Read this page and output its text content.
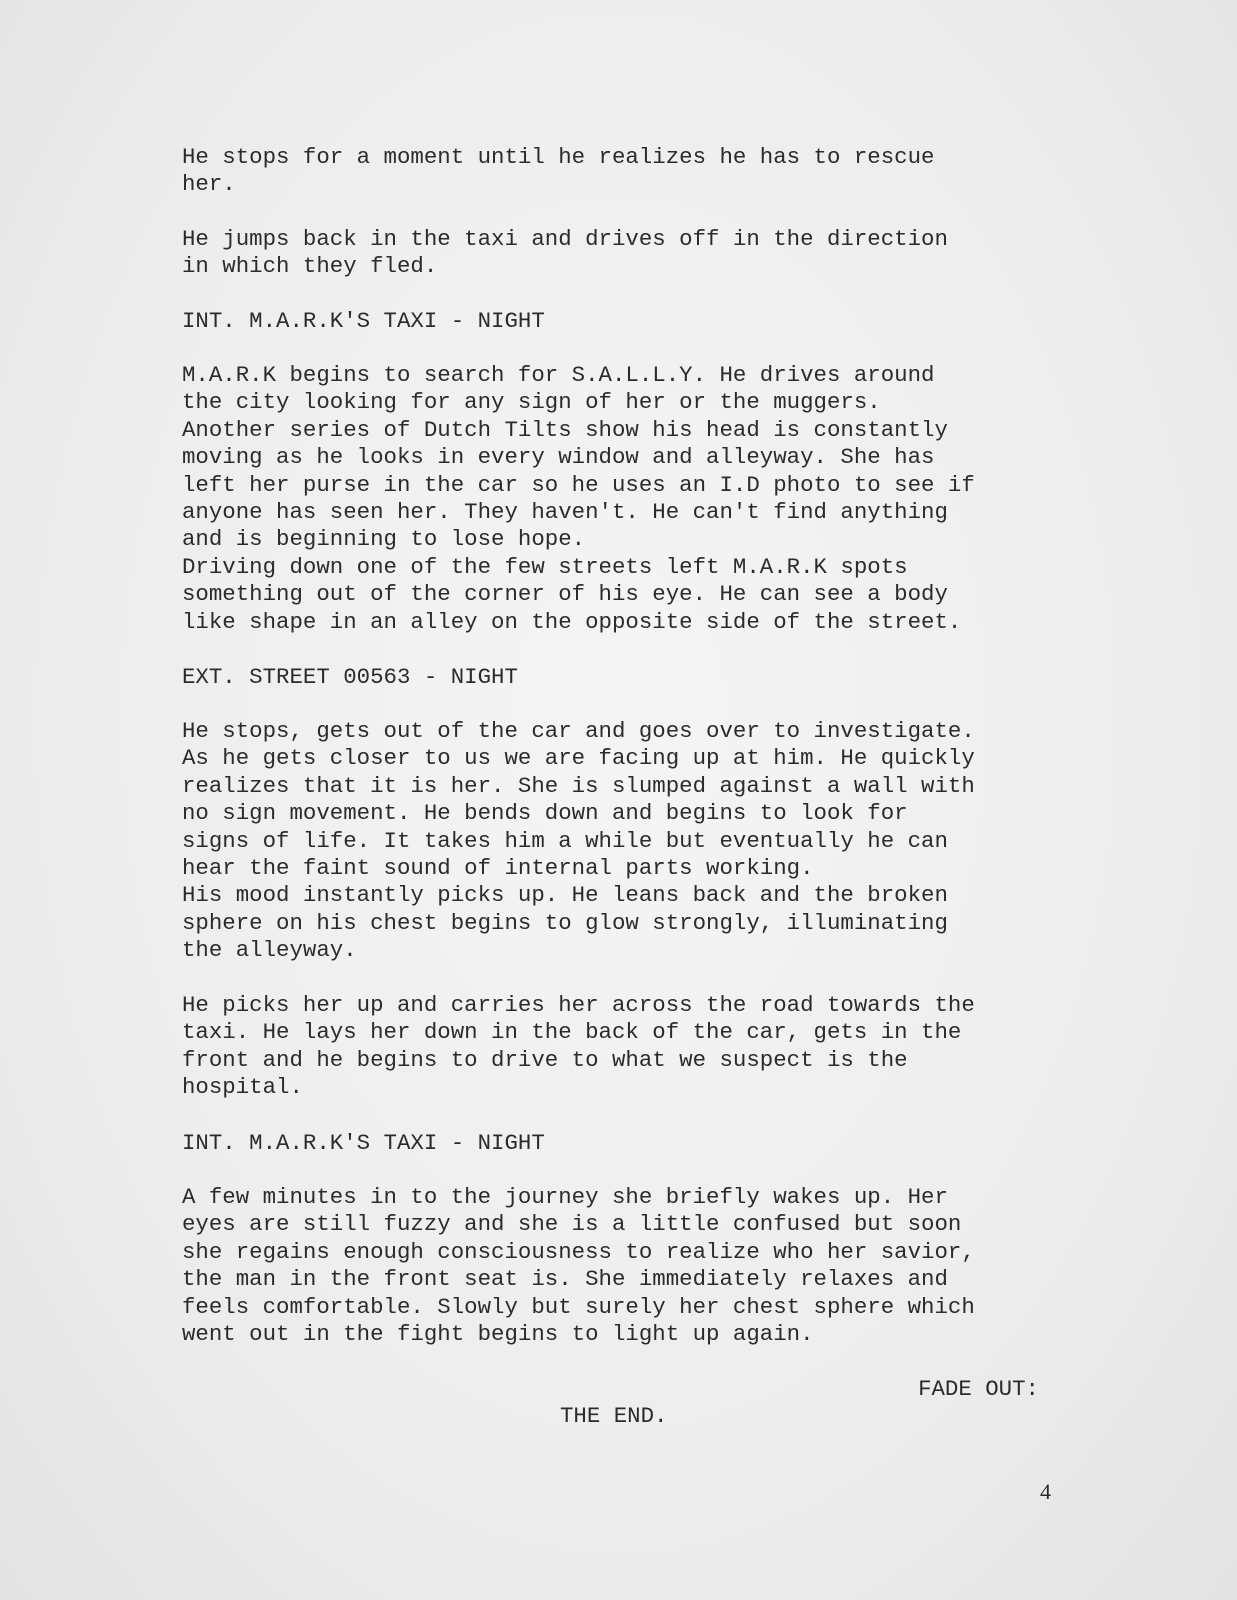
He stops for a moment until he realizes he has to rescue
her.
He jumps back in the taxi and drives off in the direction
in which they fled.
INT. M.A.R.K'S TAXI - NIGHT
M.A.R.K begins to search for S.A.L.L.Y. He drives around
the city looking for any sign of her or the muggers.
Another series of Dutch Tilts show his head is constantly
moving as he looks in every window and alleyway. She has
left her purse in the car so he uses an I.D photo to see if
anyone has seen her. They haven't. He can't find anything
and is beginning to lose hope.
Driving down one of the few streets left M.A.R.K spots
something out of the corner of his eye. He can see a body
like shape in an alley on the opposite side of the street.
EXT. STREET 00563 - NIGHT
He stops, gets out of the car and goes over to investigate.
As he gets closer to us we are facing up at him. He quickly
realizes that it is her. She is slumped against a wall with
no sign movement. He bends down and begins to look for
signs of life. It takes him a while but eventually he can
hear the faint sound of internal parts working.
His mood instantly picks up. He leans back and the broken
sphere on his chest begins to glow strongly, illuminating
the alleyway.
He picks her up and carries her across the road towards the
taxi. He lays her down in the back of the car, gets in the
front and he begins to drive to what we suspect is the
hospital.
INT. M.A.R.K'S TAXI - NIGHT
A few minutes in to the journey she briefly wakes up. Her
eyes are still fuzzy and she is a little confused but soon
she regains enough consciousness to realize who her savior,
the man in the front seat is. She immediately relaxes and
feels comfortable. Slowly but surely her chest sphere which
went out in the fight begins to light up again.
FADE OUT:
THE END.
4
